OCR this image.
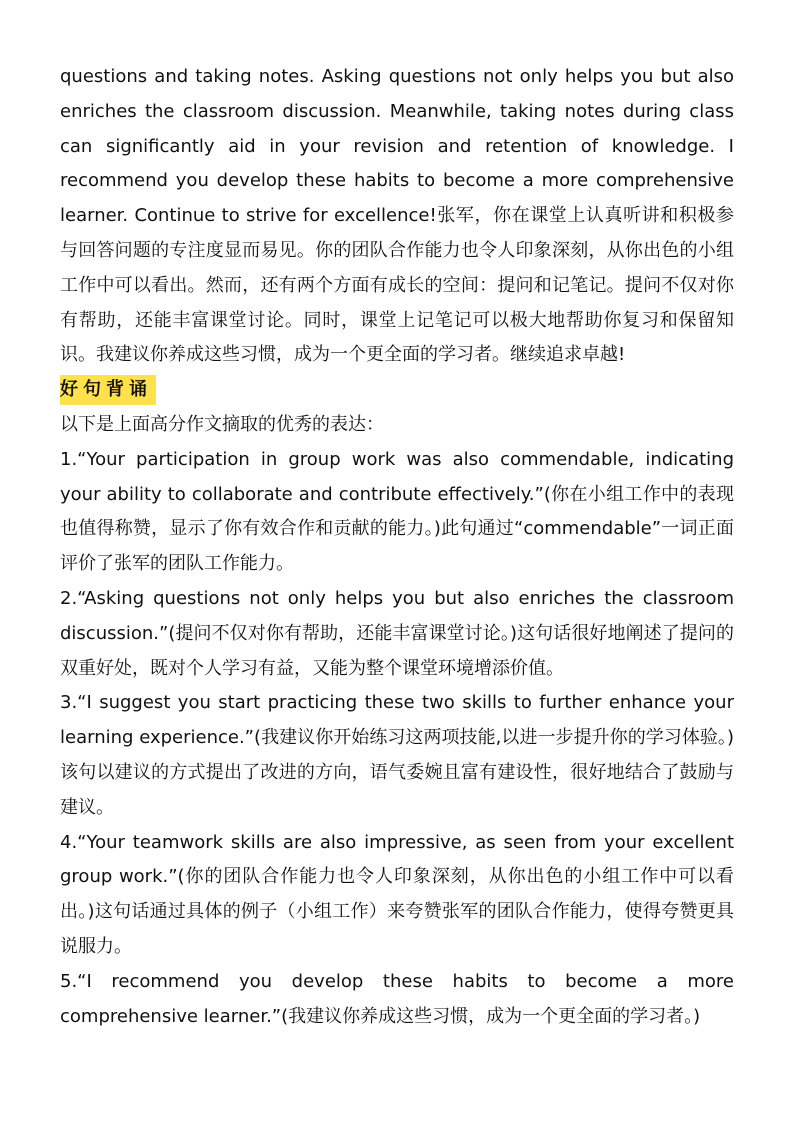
questions and taking notes. Asking questions not only helps you but also enriches the classroom discussion. Meanwhile, taking notes during class can significantly aid in your revision and retention of knowledge. I recommend you develop these habits to become a more comprehensive learner. Continue to strive for excellence!张军，你在课堂上认真听讲和积极参与回答问题的专注度显而易见。你的团队合作能力也令人印象深刻，从你出色的小组工作中可以看出。然而，还有两个方面有成长的空间：提问和记笔记。提问不仅对你有帮助，还能丰富课堂讨论。同时，课堂上记笔记可以极大地帮助你复习和保留知识。我建议你养成这些习惯，成为一个更全面的学习者。继续追求卓越!

好句背诵

以下是上面高分作文摘取的优秀的表达：

1.“Your participation in group work was also commendable, indicating your ability to collaborate and contribute effectively.”(你在小组工作中的表现也值得称赞，显示了你有效合作和贡献的能力。)此句通过“commendable”一词正面评价了张军的团队工作能力。

2.“Asking questions not only helps you but also enriches the classroom discussion.”(提问不仅对你有帮助，还能丰富课堂讨论。)这句话很好地阐述了提问的双重好处，既对个人学习有益，又能为整个课堂环境增添价值。

3.“I suggest you start practicing these two skills to further enhance your learning experience.”(我建议你开始练习这两项技能,以进一步提升你的学习体验。)该句以建议的方式提出了改进的方向，语气委婉且富有建设性，很好地结合了鼓励与建议。

4.“Your teamwork skills are also impressive, as seen from your excellent group work.”(你的团队合作能力也令人印象深刻，从你出色的小组工作中可以看出。)这句话通过具体的例子（小组工作）来夸赞张军的团队合作能力，使得夸赞更具说服力。

5.“I recommend you develop these habits to become a more comprehensive learner.”(我建议你养成这些习惯，成为一个更全面的学习者。)
